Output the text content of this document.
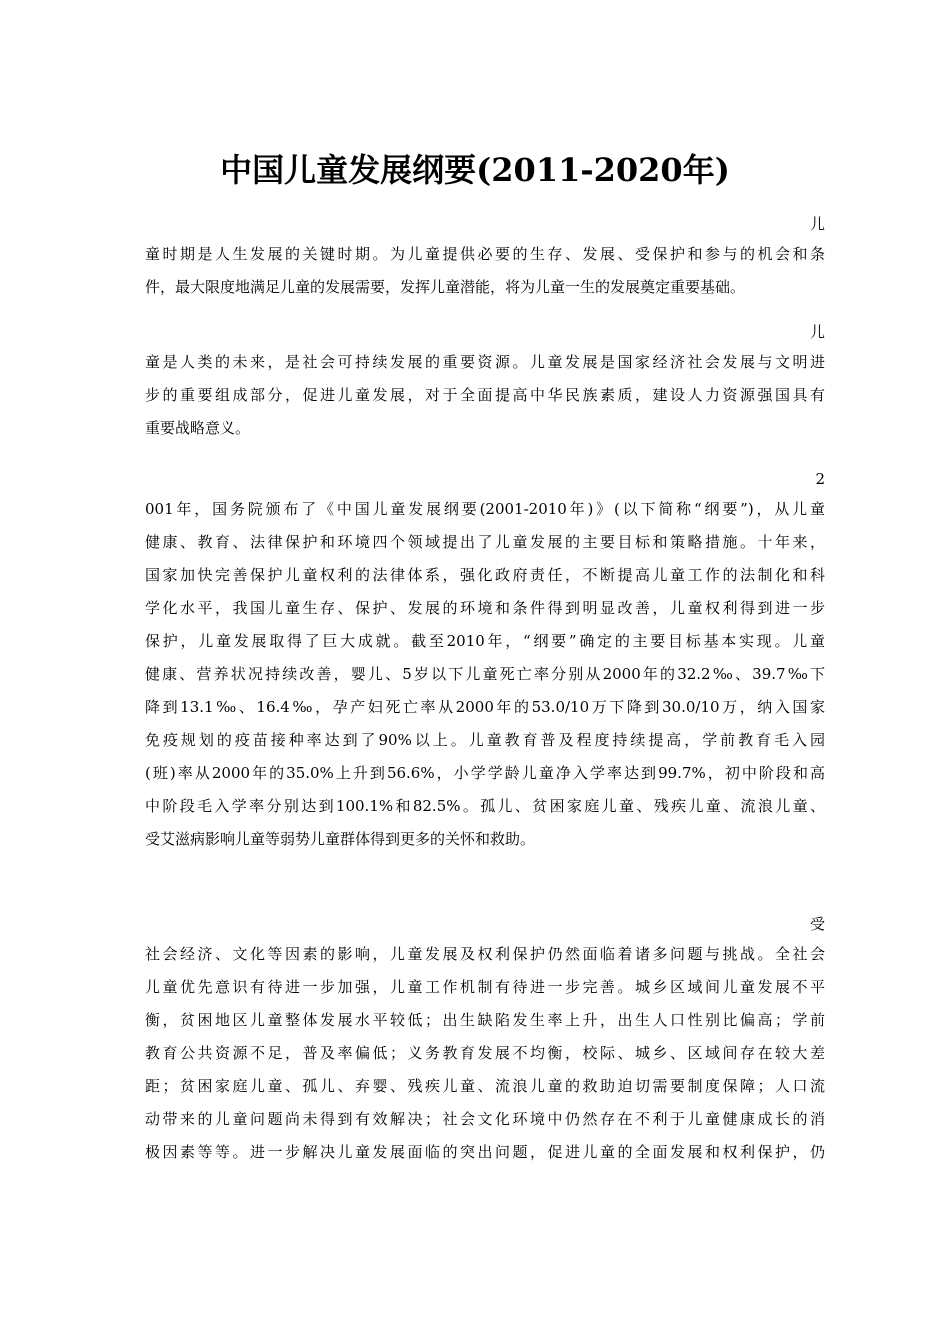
中国儿童发展纲要(2011-2020年)
儿
童时期是人生发展的关键时期。为儿童提供必要的生存、发展、受保护和参与的机会和条
件，最大限度地满足儿童的发展需要，发挥儿童潜能，将为儿童一生的发展奠定重要基础。
儿
童是人类的未来，是社会可持续发展的重要资源。儿童发展是国家经济社会发展与文明进
步的重要组成部分，促进儿童发展，对于全面提高中华民族素质，建设人力资源强国具有
重要战略意义。
2
001年，国务院颁布了《中国儿童发展纲要(2001-2010年)》(以下简称“纲要”)，从儿童
健康、教育、法律保护和环境四个领域提出了儿童发展的主要目标和策略措施。十年来，
国家加快完善保护儿童权利的法律体系，强化政府责任，不断提高儿童工作的法制化和科
学化水平，我国儿童生存、保护、发展的环境和条件得到明显改善，儿童权利得到进一步
保护，儿童发展取得了巨大成就。截至2010年，“纲要”确定的主要目标基本实现。儿童
健康、营养状况持续改善，婴儿、5岁以下儿童死亡率分别从2000年的32.2‰、39.7‰下
降到13.1‰、16.4‰，孕产妇死亡率从2000年的53.0/10万下降到30.0/10万，纳入国家
免疫规划的疫苗接种率达到了90%以上。儿童教育普及程度持续提高，学前教育毛入园
(班)率从2000年的35.0%上升到56.6%，小学学龄儿童净入学率达到99.7%，初中阶段和高
中阶段毛入学率分别达到100.1%和82.5%。孤儿、贫困家庭儿童、残疾儿童、流浪儿童、
受艾滋病影响儿童等弱势儿童群体得到更多的关怀和救助。
受
社会经济、文化等因素的影响，儿童发展及权利保护仍然面临着诸多问题与挑战。全社会
儿童优先意识有待进一步加强，儿童工作机制有待进一步完善。城乡区域间儿童发展不平
衡，贫困地区儿童整体发展水平较低；出生缺陷发生率上升，出生人口性别比偏高；学前
教育公共资源不足，普及率偏低；义务教育发展不均衡，校际、城乡、区域间存在较大差
距；贫困家庭儿童、孤儿、弃婴、残疾儿童、流浪儿童的救助迫切需要制度保障；人口流
动带来的儿童问题尚未得到有效解决；社会文化环境中仍然存在不利于儿童健康成长的消
极因素等等。进一步解决儿童发展面临的突出问题，促进儿童的全面发展和权利保护，仍
